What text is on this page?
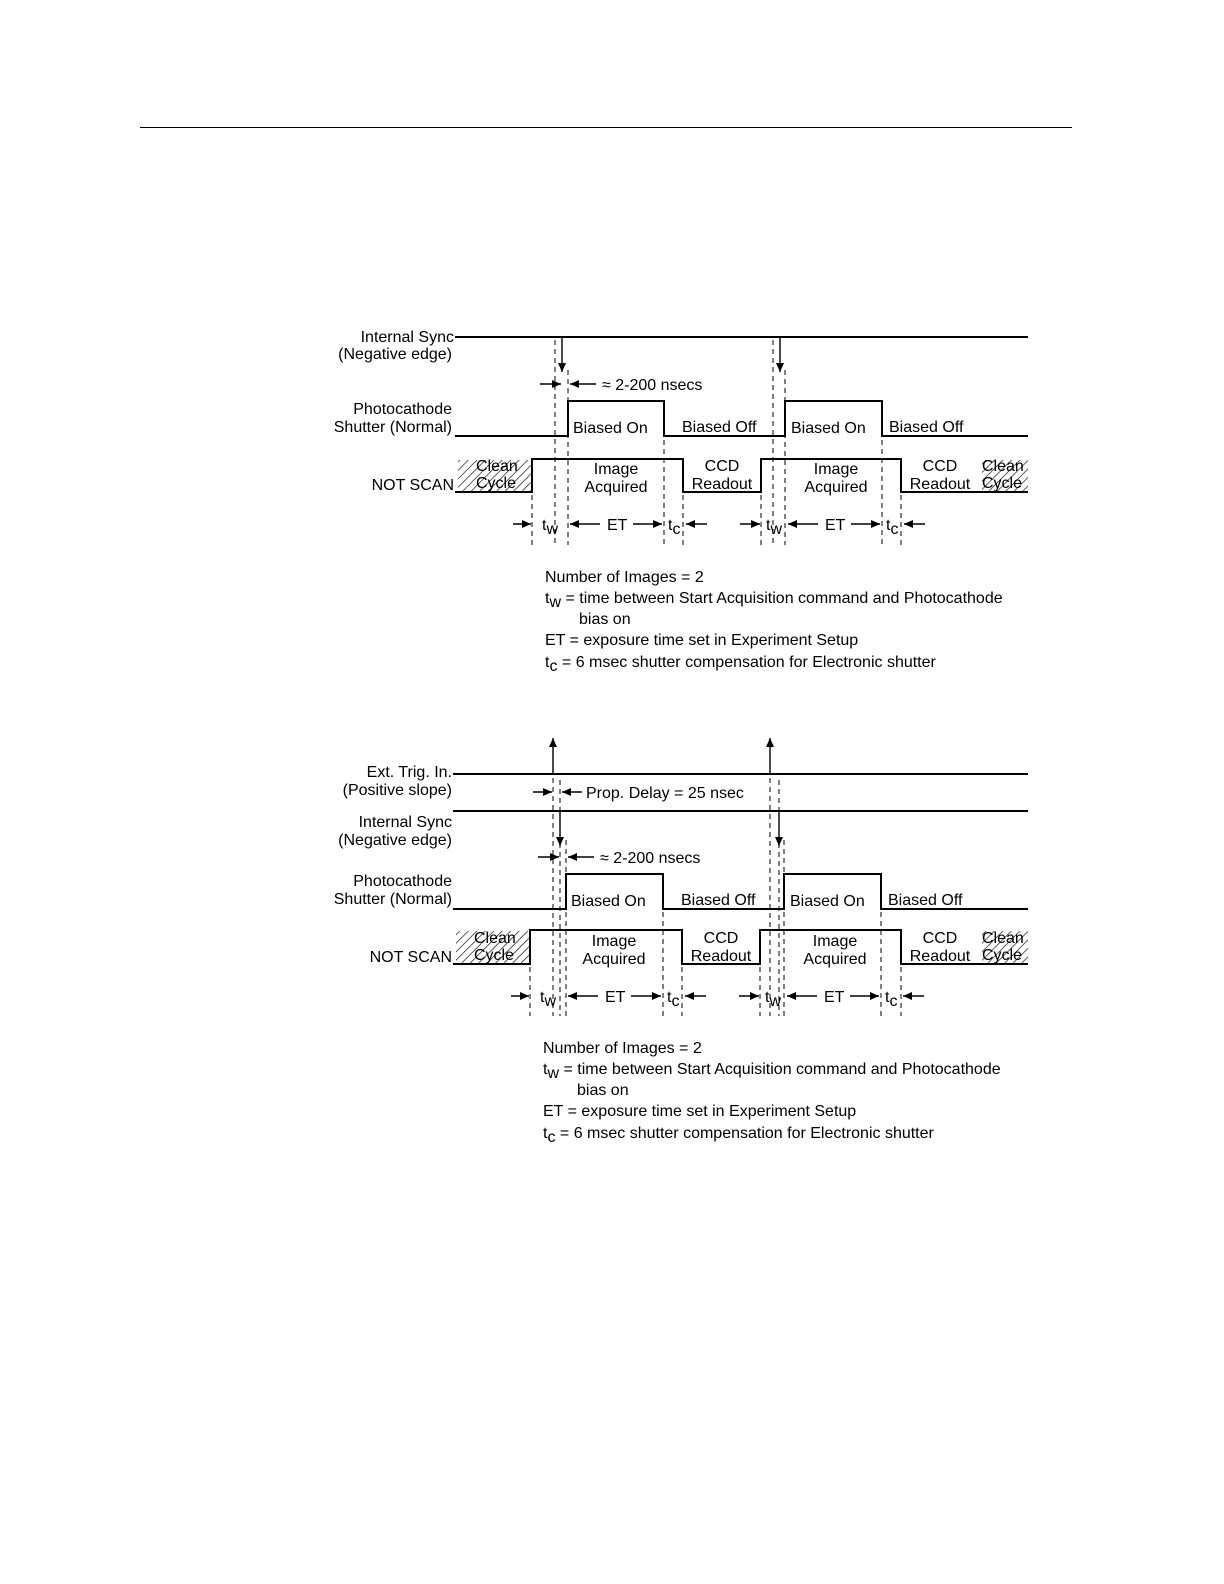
Internal Sync
(Negative edge)
Photocathode
Shutter (Normal)
NOT SCAN
≈ 2-200 nsecs
Biased On Biased Off Biased On Biased Off
Clean
Cycle
Image
Acquired
CCD
Readout
Image
Acquired
CCD
Readout
Clean
Cycle
tw	ET	tc	tw	ET	tc
Number of Images = 2
tw = time between Start Acquisition command and Photocathode
bias on
ET = exposure time set in Experiment Setup
tc = 6 msec shutter compensation for Electronic shutter
Ext. Trig. In.
(Positive slope)	Prop. Delay = 25 nsec
Internal Sync
(Negative edge)
≈ 2-200 nsecs
Photocathode
Shutter (Normal)	Biased On Biased Off Biased On Biased Off
NOT SCAN
Clean
Cycle
Image
Acquired
CCD
Readout
Image
Acquired
CCD
Readout
Clean
Cycle
tw	ET	tc	tw	ET	tc
Number of Images = 2
tw = time between Start Acquisition command and Photocathode
bias on
ET = exposure time set in Experiment Setup
tc = 6 msec shutter compensation for Electronic shutter
